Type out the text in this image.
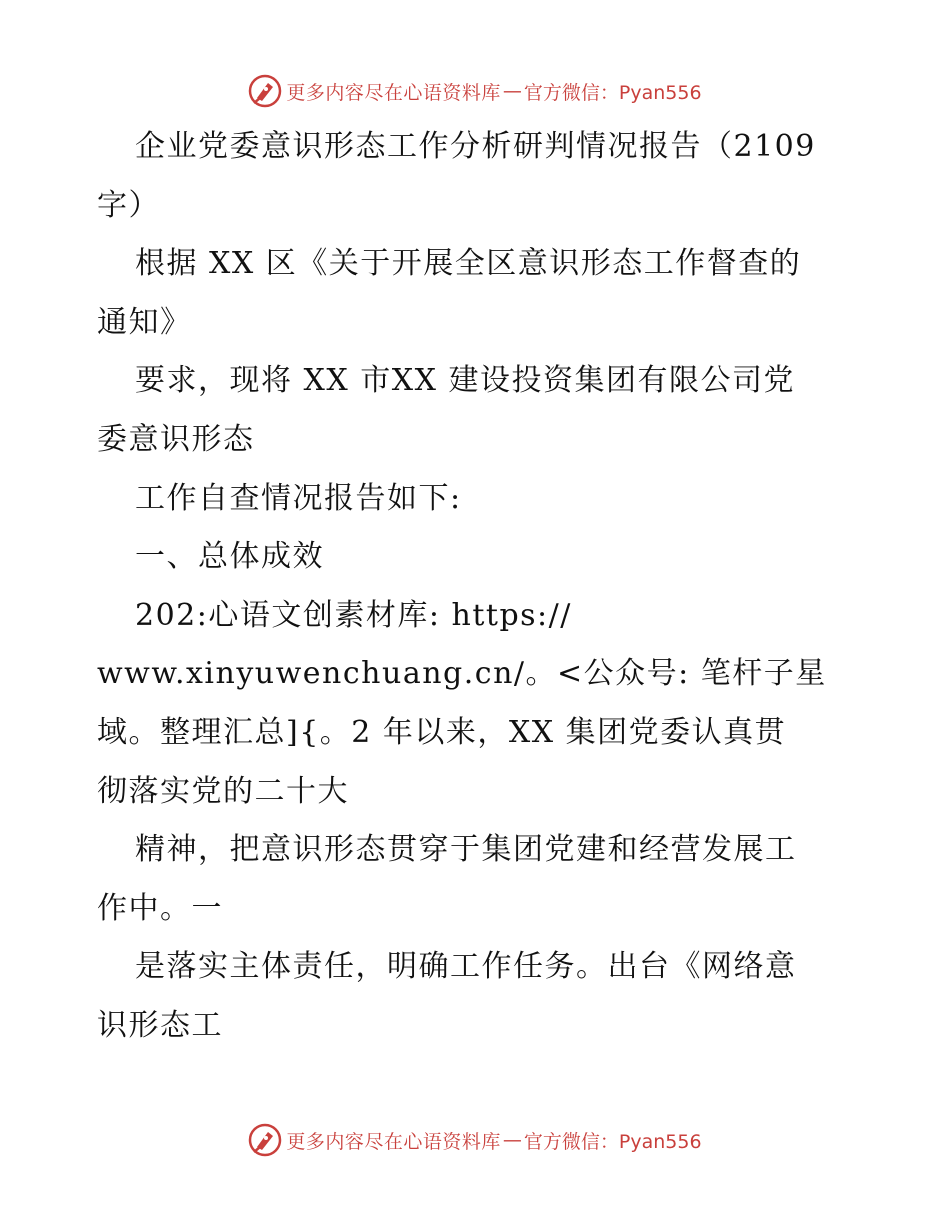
更多内容尽在心语资料库 — 官方微信：Pyan556

企业党委意识形态工作分析研判情况报告（2109
字）

根据 XX 区《关于开展全区意识形态工作督查的
通知》

要求，现将 XX 市XX 建设投资集团有限公司党
委意识形态

工作自查情况报告如下:

一、总体成效

202:心语文创素材库: https://

www.xinyuwenchuang.cn/。<公众号: 笔杆子星
域。整理汇总]{。2 年以来，XX 集团党委认真贯
彻落实党的二十大

精神，把意识形态贯穿于集团党建和经营发展工
作中。一

是落实主体责任，明确工作任务。出台《网络意
识形态工

更多内容尽在心语资料库 — 官方微信：Pyan556
